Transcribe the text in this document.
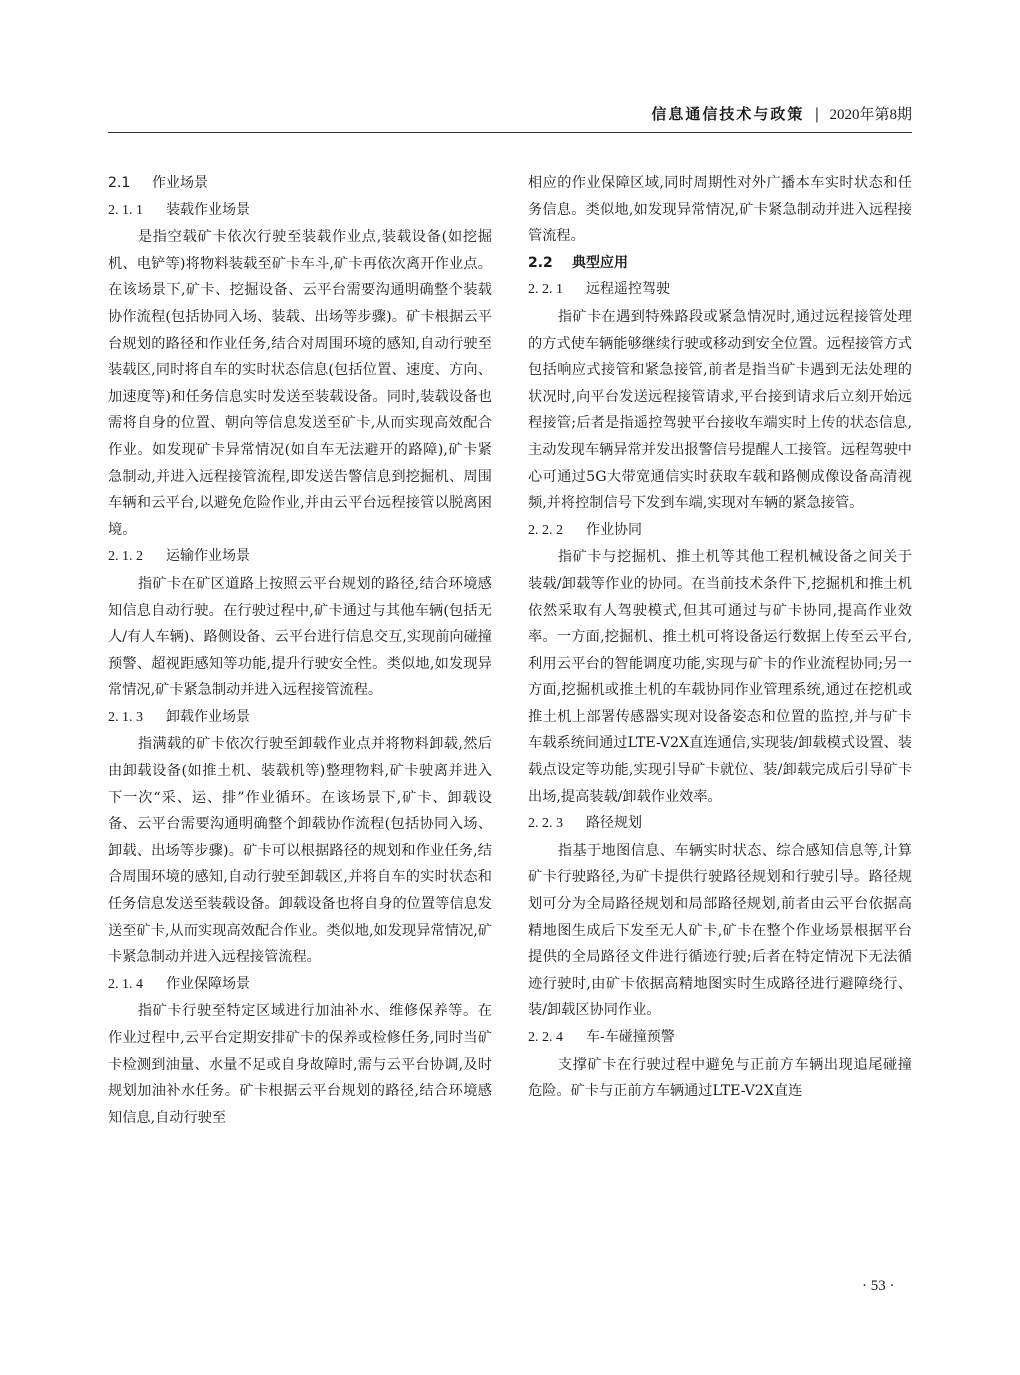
信息通信技术与政策 | 2020年第8期

2.1 作业场景

2. 1. 1 装载作业场景

是指空载矿卡依次行驶至装载作业点,装载设备(如挖掘机、电铲等)将物料装载至矿卡车斗,矿卡再依次离开作业点。在该场景下,矿卡、挖掘设备、云平台需要沟通明确整个装载协作流程(包括协同入场、装载、出场等步骤)。矿卡根据云平台规划的路径和作业任务,结合对周围环境的感知,自动行驶至装载区,同时将自车的实时状态信息(包括位置、速度、方向、加速度等)和任务信息实时发送至装载设备。同时,装载设备也需将自身的位置、朝向等信息发送至矿卡,从而实现高效配合作业。如发现矿卡异常情况(如自车无法避开的路障),矿卡紧急制动,并进入远程接管流程,即发送告警信息到挖掘机、周围车辆和云平台,以避免危险作业,并由云平台远程接管以脱离困境。

2. 1. 2 运输作业场景

指矿卡在矿区道路上按照云平台规划的路径,结合环境感知信息自动行驶。在行驶过程中,矿卡通过与其他车辆(包括无人/有人车辆)、路侧设备、云平台进行信息交互,实现前向碰撞预警、超视距感知等功能,提升行驶安全性。类似地,如发现异常情况,矿卡紧急制动并进入远程接管流程。

2. 1. 3 卸载作业场景

指满载的矿卡依次行驶至卸载作业点并将物料卸载,然后由卸载设备(如推土机、装载机等)整理物料,矿卡驶离并进入下一次“采、运、排”作业循环。在该场景下,矿卡、卸载设备、云平台需要沟通明确整个卸载协作流程(包括协同入场、卸载、出场等步骤)。矿卡可以根据路径的规划和作业任务,结合周围环境的感知,自动行驶至卸载区,并将自车的实时状态和任务信息发送至装载设备。卸载设备也将自身的位置等信息发送至矿卡,从而实现高效配合作业。类似地,如发现异常情况,矿卡紧急制动并进入远程接管流程。

2. 1. 4 作业保障场景

指矿卡行驶至特定区域进行加油补水、维修保养等。在作业过程中,云平台定期安排矿卡的保养或检修任务,同时当矿卡检测到油量、水量不足或自身故障时,需与云平台协调,及时规划加油补水任务。矿卡根据云平台规划的路径,结合环境感知信息,自动行驶至

相应的作业保障区域,同时周期性对外广播本车实时状态和任务信息。类似地,如发现异常情况,矿卡紧急制动并进入远程接管流程。

2.2 典型应用

2. 2. 1 远程遥控驾驶

指矿卡在遇到特殊路段或紧急情况时,通过远程接管处理的方式使车辆能够继续行驶或移动到安全位置。远程接管方式包括响应式接管和紧急接管,前者是指当矿卡遇到无法处理的状况时,向平台发送远程接管请求,平台接到请求后立刻开始远程接管;后者是指遥控驾驶平台接收车端实时上传的状态信息,主动发现车辆异常并发出报警信号提醒人工接管。远程驾驶中心可通过5G大带宽通信实时获取车载和路侧成像设备高清视频,并将控制信号下发到车端,实现对车辆的紧急接管。

2. 2. 2 作业协同

指矿卡与挖掘机、推土机等其他工程机械设备之间关于装载/卸载等作业的协同。在当前技术条件下,挖掘机和推土机依然采取有人驾驶模式,但其可通过与矿卡协同,提高作业效率。一方面,挖掘机、推土机可将设备运行数据上传至云平台,利用云平台的智能调度功能,实现与矿卡的作业流程协同;另一方面,挖掘机或推土机的车载协同作业管理系统,通过在挖机或推土机上部署传感器实现对设备姿态和位置的监控,并与矿卡车载系统间通过LTE-V2X直连通信,实现装/卸载模式设置、装载点设定等功能,实现引导矿卡就位、装/卸载完成后引导矿卡出场,提高装载/卸载作业效率。

2. 2. 3 路径规划

指基于地图信息、车辆实时状态、综合感知信息等,计算矿卡行驶路径,为矿卡提供行驶路径规划和行驶引导。路径规划可分为全局路径规划和局部路径规划,前者由云平台依据高精地图生成后下发至无人矿卡,矿卡在整个作业场景根据平台提供的全局路径文件进行循迹行驶;后者在特定情况下无法循迹行驶时,由矿卡依据高精地图实时生成路径进行避障绕行、装/卸载区协同作业。

2. 2. 4 车-车碰撞预警

支撑矿卡在行驶过程中避免与正前方车辆出现追尾碰撞危险。矿卡与正前方车辆通过LTE-V2X直连

· 53 ·
